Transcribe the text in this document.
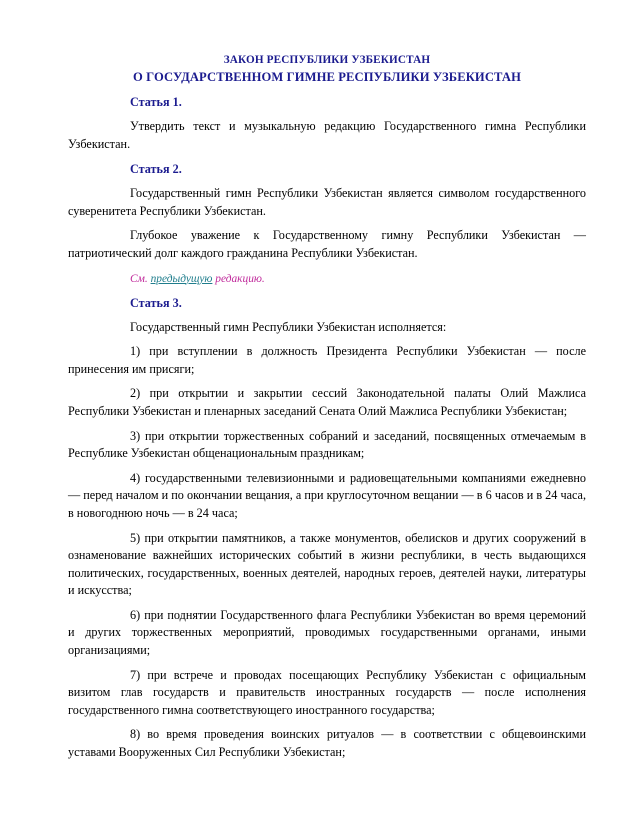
ЗАКОН РЕСПУБЛИКИ УЗБЕКИСТАН
О ГОСУДАРСТВЕННОМ ГИМНЕ РЕСПУБЛИКИ УЗБЕКИСТАН
Статья 1.
Утвердить текст и музыкальную редакцию Государственного гимна Республики Узбекистан.
Статья 2.
Государственный гимн Республики Узбекистан является символом государственного суверенитета Республики Узбекистан.
Глубокое уважение к Государственному гимну Республики Узбекистан — патриотический долг каждого гражданина Республики Узбекистан.
См. предыдущую редакцию.
Статья 3.
Государственный гимн Республики Узбекистан исполняется:
1) при вступлении в должность Президента Республики Узбекистан — после принесения им присяги;
2) при открытии и закрытии сессий Законодательной палаты Олий Мажлиса Республики Узбекистан и пленарных заседаний Сената Олий Мажлиса Республики Узбекистан;
3) при открытии торжественных собраний и заседаний, посвященных отмечаемым в Республике Узбекистан общенациональным праздникам;
4) государственными телевизионными и радиовещательными компаниями ежедневно — перед началом и по окончании вещания, а при круглосуточном вещании — в 6 часов и в 24 часа, в новогоднюю ночь — в 24 часа;
5) при открытии памятников, а также монументов, обелисков и других сооружений в ознаменование важнейших исторических событий в жизни республики, в честь выдающихся политических, государственных, военных деятелей, народных героев, деятелей науки, литературы и искусства;
6) при поднятии Государственного флага Республики Узбекистан во время церемоний и других торжественных мероприятий, проводимых государственными органами, иными организациями;
7) при встрече и проводах посещающих Республику Узбекистан с официальным визитом глав государств и правительств иностранных государств — после исполнения государственного гимна соответствующего иностранного государства;
8) во время проведения воинских ритуалов — в соответствии с общевоинскими уставами Вооруженных Сил Республики Узбекистан;
